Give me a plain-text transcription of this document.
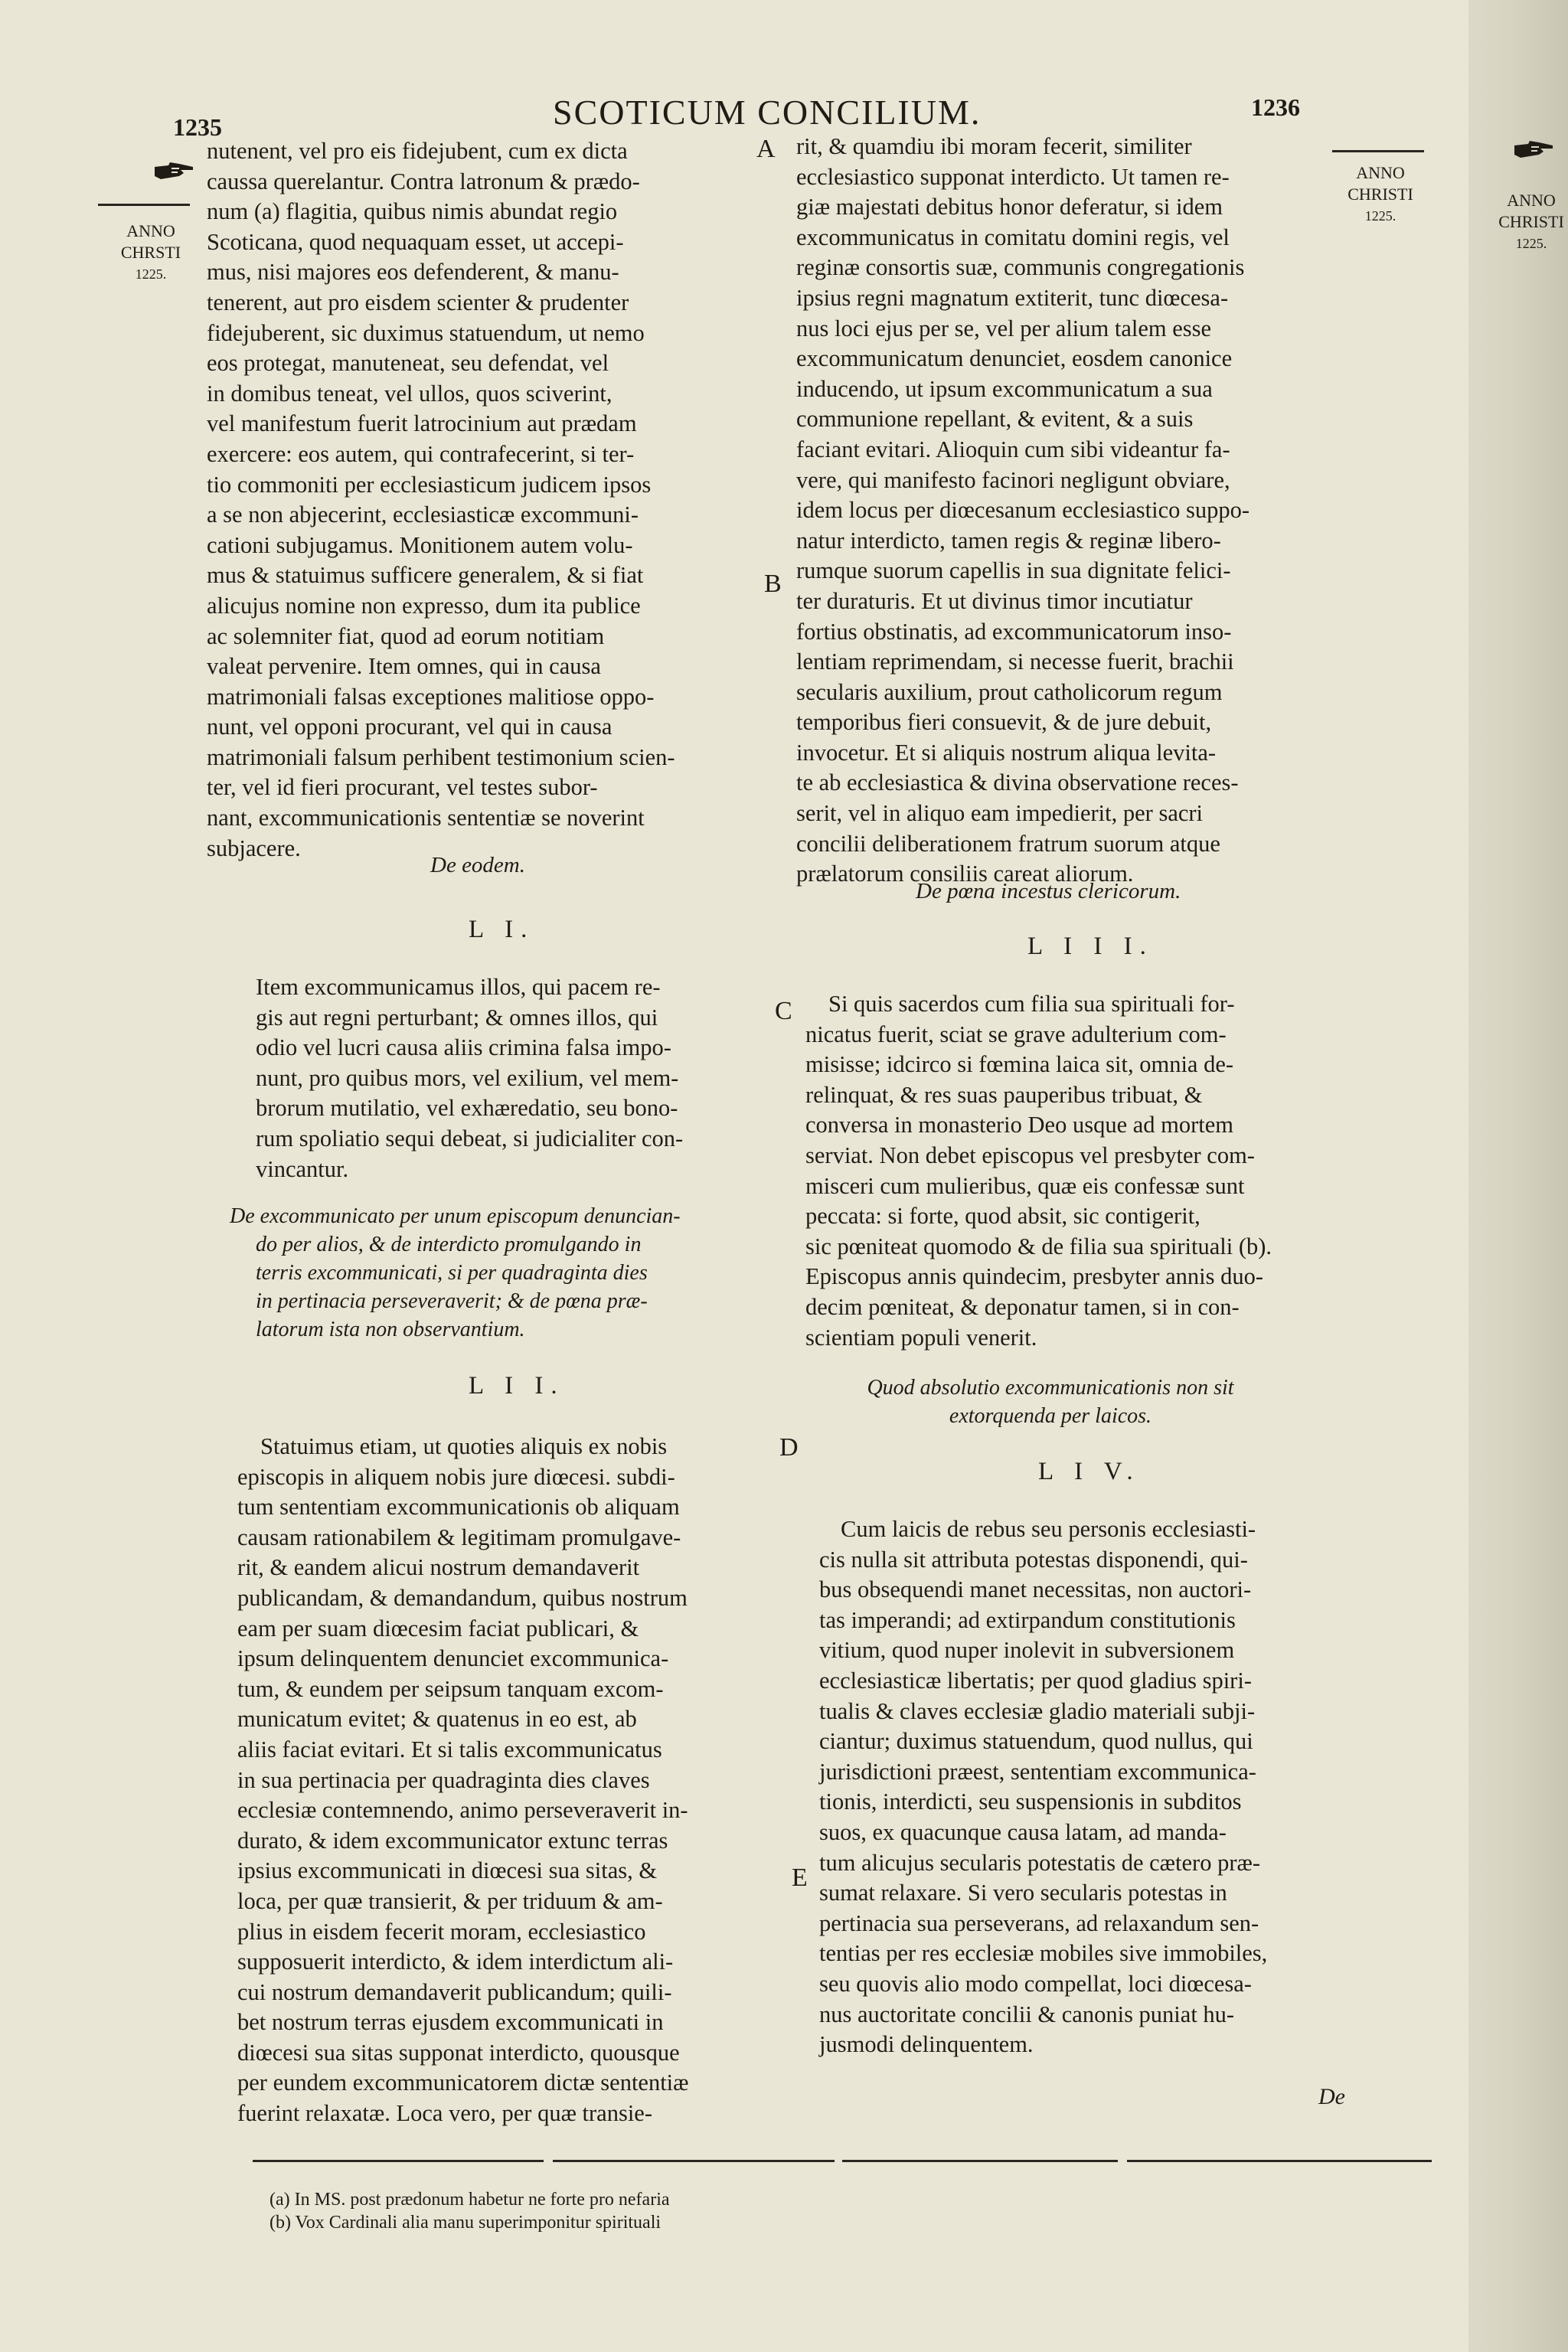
1235	SCOTICUM CONCILIUM.	1236
ANNO
CHRSTI
1225.
ANNO
CHRISTI
1225.
A
B
C
D
E

nutenent, vel pro eis fidejubent, cum ex dicta

caussa querelantur. Contra latronum & prædo-

num (a) flagitia, quibus nimis abundat regio

Scoticana, quod nequaquam esset, ut accepi-

mus, nisi majores eos defenderent, & manu-

tenerent, aut pro eisdem scienter & prudenter

fidejuberent, sic duximus statuendum, ut nemo

eos protegat, manuteneat, seu defendat, vel

in domibus teneat, vel ullos, quos sciverint,

vel manifestum fuerit latrocinium aut prædam

exercere: eos autem, qui contrafecerint, si ter-

tio commoniti per ecclesiasticum judicem ipsos

a se non abjecerint, ecclesiasticæ excommuni-

cationi subjugamus. Monitionem autem volu-

mus & statuimus sufficere generalem, & si fiat

alicujus nomine non expresso, dum ita publice

ac solemniter fiat, quod ad eorum notitiam

valeat pervenire. Item omnes, qui in causa

matrimoniali falsas exceptiones malitiose oppo-

nunt, vel opponi procurant, vel qui in causa

matrimoniali falsum perhibent testimonium scien-

ter, vel id fieri procurant, vel testes subor-

nant, excommunicationis sententiæ se noverint

subjacere.

De eodem.
L I.

Item excommunicamus illos, qui pacem re-

gis aut regni perturbant; & omnes illos, qui

odio vel lucri causa aliis crimina falsa impo-

nunt, pro quibus mors, vel exilium, vel mem-

brorum mutilatio, vel exhæredatio, seu bono-

rum spoliatio sequi debeat, si judicialiter con-

vincantur.

De excommunicato per unum episcopum denuncian-

do per alios, & de interdicto promulgando in

terris excommunicati, si per quadraginta dies

in pertinacia perseveraverit; & de pœna præ-

latorum ista non observantium.

L I I.

Statuimus etiam, ut quoties aliquis ex nobis

episcopis in aliquem nobis jure diœcesi. subdi-

tum sententiam excommunicationis ob aliquam

causam rationabilem & legitimam promulgave-

rit, & eandem alicui nostrum demandaverit

publicandam, & demandandum, quibus nostrum

eam per suam diœcesim faciat publicari, &

ipsum delinquentem denunciet excommunica-

tum, & eundem per seipsum tanquam excom-

municatum evitet; & quatenus in eo est, ab

aliis faciat evitari. Et si talis excommunicatus

in sua pertinacia per quadraginta dies claves

ecclesiæ contemnendo, animo perseveraverit in-

durato, & idem excommunicator extunc terras

ipsius excommunicati in diœcesi sua sitas, &

loca, per quæ transierit, & per triduum & am-

plius in eisdem fecerit moram, ecclesiastico

supposuerit interdicto, & idem interdictum ali-

cui nostrum demandaverit publicandum; quili-

bet nostrum terras ejusdem excommunicati in

diœcesi sua sitas supponat interdicto, quousque

per eundem excommunicatorem dictæ sententiæ

fuerint relaxatæ. Loca vero, per quæ transie-

rit, & quamdiu ibi moram fecerit, similiter

ecclesiastico supponat interdicto. Ut tamen re-

giæ majestati debitus honor deferatur, si idem

excommunicatus in comitatu domini regis, vel

reginæ consortis suæ, communis congregationis

ipsius regni magnatum extiterit, tunc diœcesa-

nus loci ejus per se, vel per alium talem esse

excommunicatum denunciet, eosdem canonice

inducendo, ut ipsum excommunicatum a sua

communione repellant, & evitent, & a suis

faciant evitari. Alioquin cum sibi videantur fa-

vere, qui manifesto facinori negligunt obviare,

idem locus per diœcesanum ecclesiastico suppo-

natur interdicto, tamen regis & reginæ libero-

rumque suorum capellis in sua dignitate felici-

ter duraturis. Et ut divinus timor incutiatur

fortius obstinatis, ad excommunicatorum inso-

lentiam reprimendam, si necesse fuerit, brachii

secularis auxilium, prout catholicorum regum

temporibus fieri consuevit, & de jure debuit,

invocetur. Et si aliquis nostrum aliqua levita-

te ab ecclesiastica & divina observatione reces-

serit, vel in aliquo eam impedierit, per sacri

concilii deliberationem fratrum suorum atque

prælatorum consiliis careat aliorum.

De pœna incestus clericorum.
L I I I.

Si quis sacerdos cum filia sua spirituali for-

nicatus fuerit, sciat se grave adulterium com-

misisse; idcirco si fœmina laica sit, omnia de-

relinquat, & res suas pauperibus tribuat, &

conversa in monasterio Deo usque ad mortem

serviat. Non debet episcopus vel presbyter com-

misceri cum mulieribus, quæ eis confessæ sunt

peccata: si forte, quod absit, sic contigerit,

sic pœniteat quomodo & de filia sua spirituali (b).

Episcopus annis quindecim, presbyter annis duo-

decim pœniteat, & deponatur tamen, si in con-

scientiam populi venerit.

Quod absolutio excommunicationis non sit

extorquenda per laicos.

L I V.

Cum laicis de rebus seu personis ecclesiasti-

cis nulla sit attributa potestas disponendi, qui-

bus obsequendi manet necessitas, non auctori-

tas imperandi; ad extirpandum constitutionis

vitium, quod nuper inolevit in subversionem

ecclesiasticæ libertatis; per quod gladius spiri-

tualis & claves ecclesiæ gladio materiali subji-

ciantur; duximus statuendum, quod nullus, qui

jurisdictioni præest, sententiam excommunica-

tionis, interdicti, seu suspensionis in subditos

suos, ex quacunque causa latam, ad manda-

tum alicujus secularis potestatis de cætero præ-

sumat relaxare. Si vero secularis potestas in

pertinacia sua perseverans, ad relaxandum sen-

tentias per res ecclesiæ mobiles sive immobiles,

seu quovis alio modo compellat, loci diœcesa-

nus auctoritate concilii & canonis puniat hu-

jusmodi delinquentem.

De
(a) In MS. post prædonum habetur ne forte pro nefaria
(b) Vox Cardinali alia manu superimponitur spirituali
ANNO
CHRISTI
1225.
